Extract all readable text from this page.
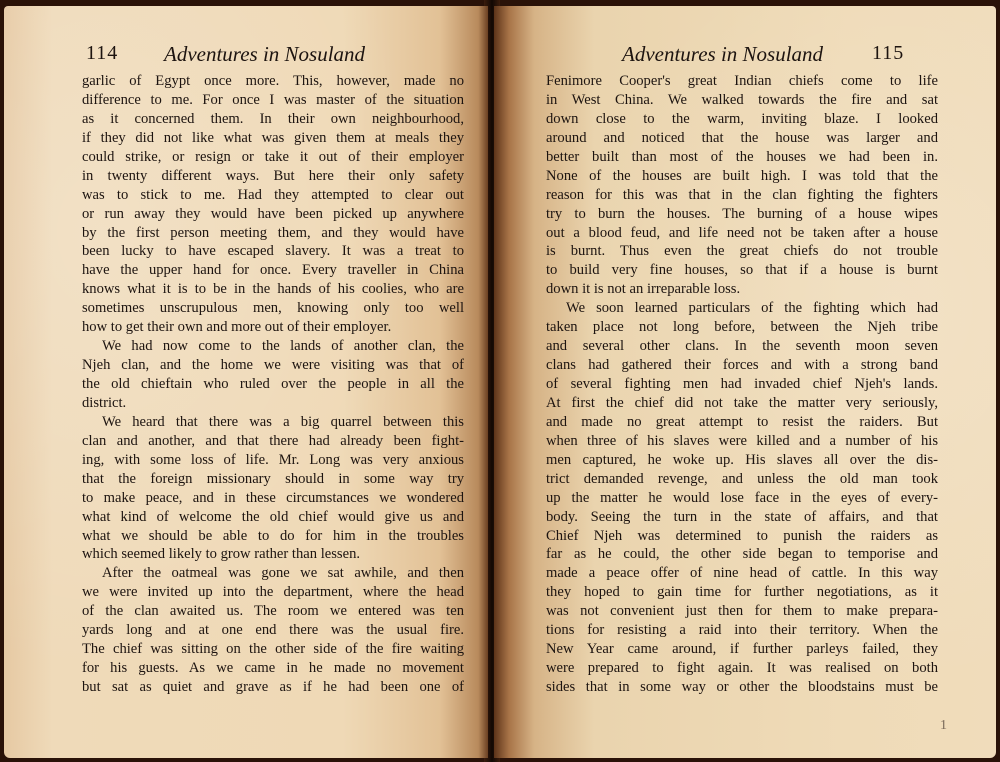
114 Adventures in Nosuland
garlic of Egypt once more. This, however, made no
difference to me. For once I was master of the situation
as it concerned them. In their own neighbourhood,
if they did not like what was given them at meals they
could strike, or resign or take it out of their employer
in twenty different ways. But here their only safety
was to stick to me. Had they attempted to clear out
or run away they would have been picked up anywhere
by the first person meeting them, and they would have
been lucky to have escaped slavery. It was a treat to
have the upper hand for once. Every traveller in China
knows what it is to be in the hands of his coolies, who are
sometimes unscrupulous men, knowing only too well
how to get their own and more out of their employer.
We had now come to the lands of another clan, the
Njeh clan, and the home we were visiting was that of
the old chieftain who ruled over the people in all the
district.
We heard that there was a big quarrel between this
clan and another, and that there had already been fight-
ing, with some loss of life. Mr. Long was very anxious
that the foreign missionary should in some way try
to make peace, and in these circumstances we wondered
what kind of welcome the old chief would give us and
what we should be able to do for him in the troubles
which seemed likely to grow rather than lessen.
After the oatmeal was gone we sat awhile, and then
we were invited up into the department, where the head
of the clan awaited us. The room we entered was ten
yards long and at one end there was the usual fire.
The chief was sitting on the other side of the fire waiting
for his guests. As we came in he made no movement
but sat as quiet and grave as if he had been one of
Adventures in Nosuland 115
Fenimore Cooper's great Indian chiefs come to life
in West China. We walked towards the fire and sat
down close to the warm, inviting blaze. I looked
around and noticed that the house was larger and
better built than most of the houses we had been in.
None of the houses are built high. I was told that the
reason for this was that in the clan fighting the fighters
try to burn the houses. The burning of a house wipes
out a blood feud, and life need not be taken after a house
is burnt. Thus even the great chiefs do not trouble
to build very fine houses, so that if a house is burnt
down it is not an irreparable loss.
We soon learned particulars of the fighting which had
taken place not long before, between the Njeh tribe
and several other clans. In the seventh moon seven
clans had gathered their forces and with a strong band
of several fighting men had invaded chief Njeh's lands.
At first the chief did not take the matter very seriously,
and made no great attempt to resist the raiders. But
when three of his slaves were killed and a number of his
men captured, he woke up. His slaves all over the dis-
trict demanded revenge, and unless the old man took
up the matter he would lose face in the eyes of every-
body. Seeing the turn in the state of affairs, and that
Chief Njeh was determined to punish the raiders as
far as he could, the other side began to temporise and
made a peace offer of nine head of cattle. In this way
they hoped to gain time for further negotiations, as it
was not convenient just then for them to make prepara-
tions for resisting a raid into their territory. When the
New Year came around, if further parleys failed, they
were prepared to fight again. It was realised on both
sides that in some way or other the bloodstains must be
1
